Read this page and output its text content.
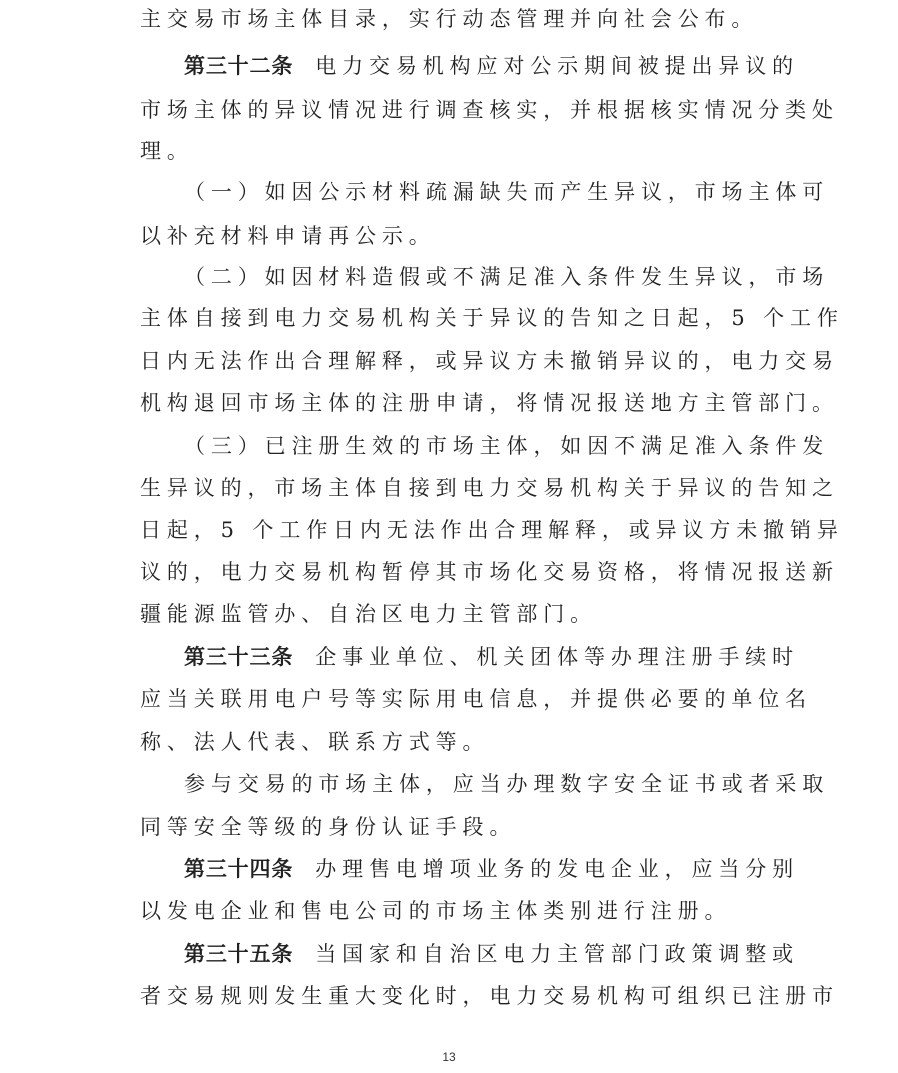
主交易市场主体目录，实行动态管理并向社会公布。
第三十二条 电力交易机构应对公示期间被提出异议的
市场主体的异议情况进行调查核实，并根据核实情况分类处
理。
（一）如因公示材料疏漏缺失而产生异议，市场主体可
以补充材料申请再公示。
（二）如因材料造假或不满足准入条件发生异议，市场
主体自接到电力交易机构关于异议的告知之日起，5 个工作
日内无法作出合理解释，或异议方未撤销异议的，电力交易
机构退回市场主体的注册申请，将情况报送地方主管部门。
（三）已注册生效的市场主体，如因不满足准入条件发
生异议的，市场主体自接到电力交易机构关于异议的告知之
日起，5 个工作日内无法作出合理解释，或异议方未撤销异
议的，电力交易机构暂停其市场化交易资格，将情况报送新
疆能源监管办、自治区电力主管部门。
第三十三条 企事业单位、机关团体等办理注册手续时
应当关联用电户号等实际用电信息，并提供必要的单位名
称、法人代表、联系方式等。
参与交易的市场主体，应当办理数字安全证书或者采取
同等安全等级的身份认证手段。
第三十四条 办理售电增项业务的发电企业，应当分别
以发电企业和售电公司的市场主体类别进行注册。
第三十五条 当国家和自治区电力主管部门政策调整或
者交易规则发生重大变化时，电力交易机构可组织已注册市
13
